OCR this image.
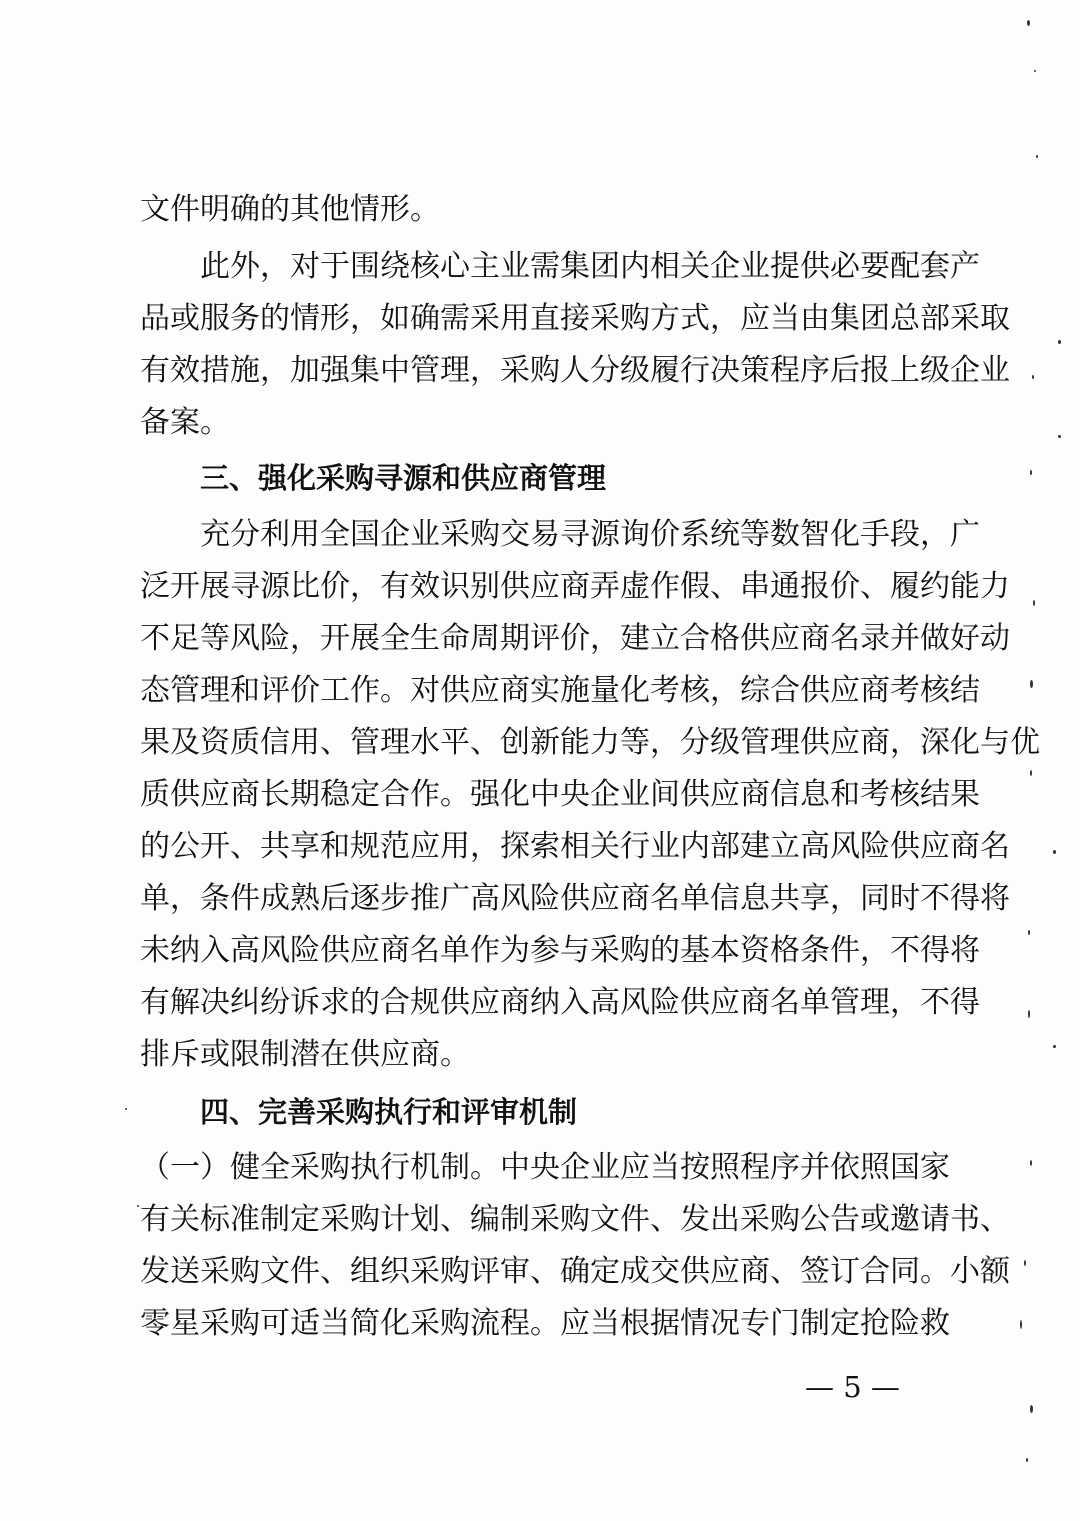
文件明确的其他情形。
此外，对于围绕核心主业需集团内相关企业提供必要配套产
品或服务的情形，如确需采用直接采购方式，应当由集团总部采取
有效措施，加强集中管理，采购人分级履行决策程序后报上级企业
备案。
三、强化采购寻源和供应商管理
充分利用全国企业采购交易寻源询价系统等数智化手段，广
泛开展寻源比价，有效识别供应商弄虚作假、串通报价、履约能力
不足等风险，开展全生命周期评价，建立合格供应商名录并做好动
态管理和评价工作。对供应商实施量化考核，综合供应商考核结
果及资质信用、管理水平、创新能力等，分级管理供应商，深化与优
质供应商长期稳定合作。强化中央企业间供应商信息和考核结果
的公开、共享和规范应用，探索相关行业内部建立高风险供应商名
单，条件成熟后逐步推广高风险供应商名单信息共享，同时不得将
未纳入高风险供应商名单作为参与采购的基本资格条件，不得将
有解决纠纷诉求的合规供应商纳入高风险供应商名单管理，不得
排斥或限制潜在供应商。
四、完善采购执行和评审机制
（一）健全采购执行机制。中央企业应当按照程序并依照国家
有关标准制定采购计划、编制采购文件、发出采购公告或邀请书、
发送采购文件、组织采购评审、确定成交供应商、签订合同。小额
零星采购可适当简化采购流程。应当根据情况专门制定抢险救
— 5 —
